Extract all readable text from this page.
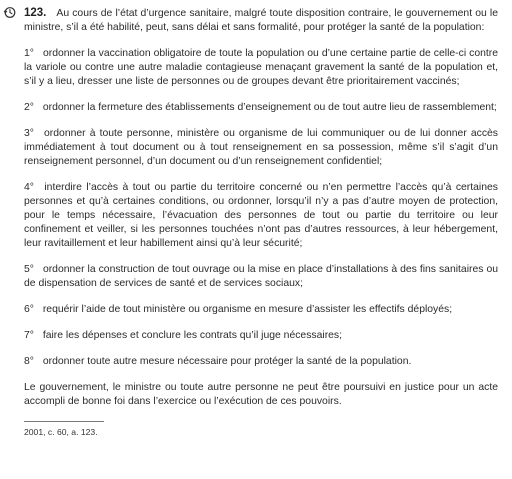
123. Au cours de l’état d’urgence sanitaire, malgré toute disposition contraire, le gouvernement ou le ministre, s’il a été habilité, peut, sans délai et sans formalité, pour protéger la santé de la population:

1° ordonner la vaccination obligatoire de toute la population ou d’une certaine partie de celle-ci contre la variole ou contre une autre maladie contagieuse menaçant gravement la santé de la population et, s’il y a lieu, dresser une liste de personnes ou de groupes devant être prioritairement vaccinés;

2° ordonner la fermeture des établissements d’enseignement ou de tout autre lieu de rassemblement;

3° ordonner à toute personne, ministère ou organisme de lui communiquer ou de lui donner accès immédiatement à tout document ou à tout renseignement en sa possession, même s’il s’agit d’un renseignement personnel, d’un document ou d’un renseignement confidentiel;

4° interdire l’accès à tout ou partie du territoire concerné ou n’en permettre l’accès qu’à certaines personnes et qu’à certaines conditions, ou ordonner, lorsqu’il n’y a pas d’autre moyen de protection, pour le temps nécessaire, l’évacuation des personnes de tout ou partie du territoire ou leur confinement et veiller, si les personnes touchées n’ont pas d’autres ressources, à leur hébergement, leur ravitaillement et leur habillement ainsi qu’à leur sécurité;

5° ordonner la construction de tout ouvrage ou la mise en place d’installations à des fins sanitaires ou de dispensation de services de santé et de services sociaux;

6° requérir l’aide de tout ministère ou organisme en mesure d’assister les effectifs déployés;

7° faire les dépenses et conclure les contrats qu’il juge nécessaires;

8° ordonner toute autre mesure nécessaire pour protéger la santé de la population.

Le gouvernement, le ministre ou toute autre personne ne peut être poursuivi en justice pour un acte accompli de bonne foi dans l’exercice ou l’exécution de ces pouvoirs.

2001, c. 60, a. 123.
